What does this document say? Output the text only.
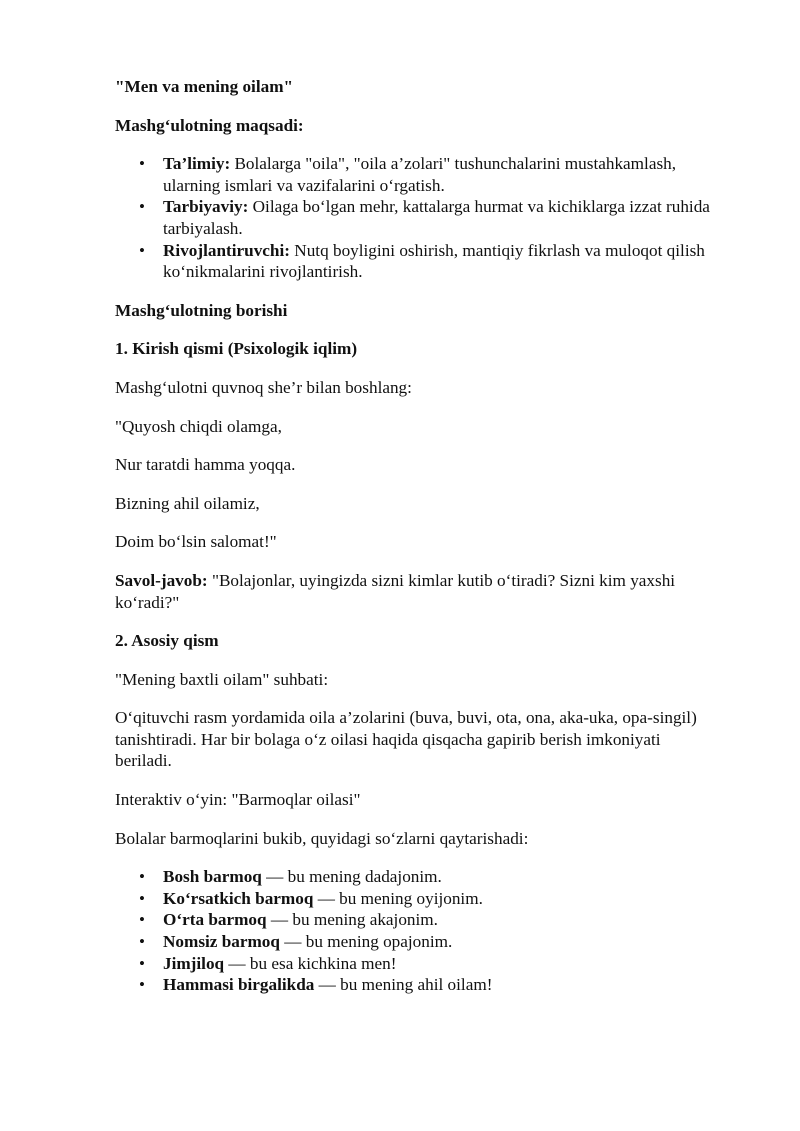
"Men va mening oilam"

Mashg‘ulotning maqsadi:

• Ta’limiy: Bolalarga "oila", "oila a’zolari" tushunchalarini mustahkamlash, ularning ismlari va vazifalarini o‘rgatish.
• Tarbiyaviy: Oilaga bo‘lgan mehr, kattalarga hurmat va kichiklarga izzat ruhida tarbiyalash.
• Rivojlantiruvchi: Nutq boyligini oshirish, mantiqiy fikrlash va muloqot qilish ko‘nikmalarini rivojlantirish.

Mashg‘ulotning borishi

1. Kirish qismi (Psixologik iqlim)

Mashg‘ulotni quvnoq she’r bilan boshlang:

"Quyosh chiqdi olamga,

Nur taratdi hamma yoqqa.

Bizning ahil oilamiz,

Doim bo‘lsin salomat!"

Savol-javob: "Bolajonlar, uyingizda sizni kimlar kutib o‘tiradi? Sizni kim yaxshi ko‘radi?"

2. Asosiy qism

"Mening baxtli oilam" suhbati:

O‘qituvchi rasm yordamida oila a’zolarini (buva, buvi, ota, ona, aka-uka, opa-singil) tanishtiradi. Har bir bolaga o‘z oilasi haqida qisqacha gapirib berish imkoniyati beriladi.

Interaktiv o‘yin: "Barmoqlar oilasi"

Bolalar barmoqlarini bukib, quyidagi so‘zlarni qaytarishadi:

• Bosh barmoq — bu mening dadajonim.
• Ko‘rsatkich barmoq — bu mening oyijonim.
• O‘rta barmoq — bu mening akajonim.
• Nomsiz barmoq — bu mening opajonim.
• Jimjiloq — bu esa kichkina men!
• Hammasi birgalikda — bu mening ahil oilam!
